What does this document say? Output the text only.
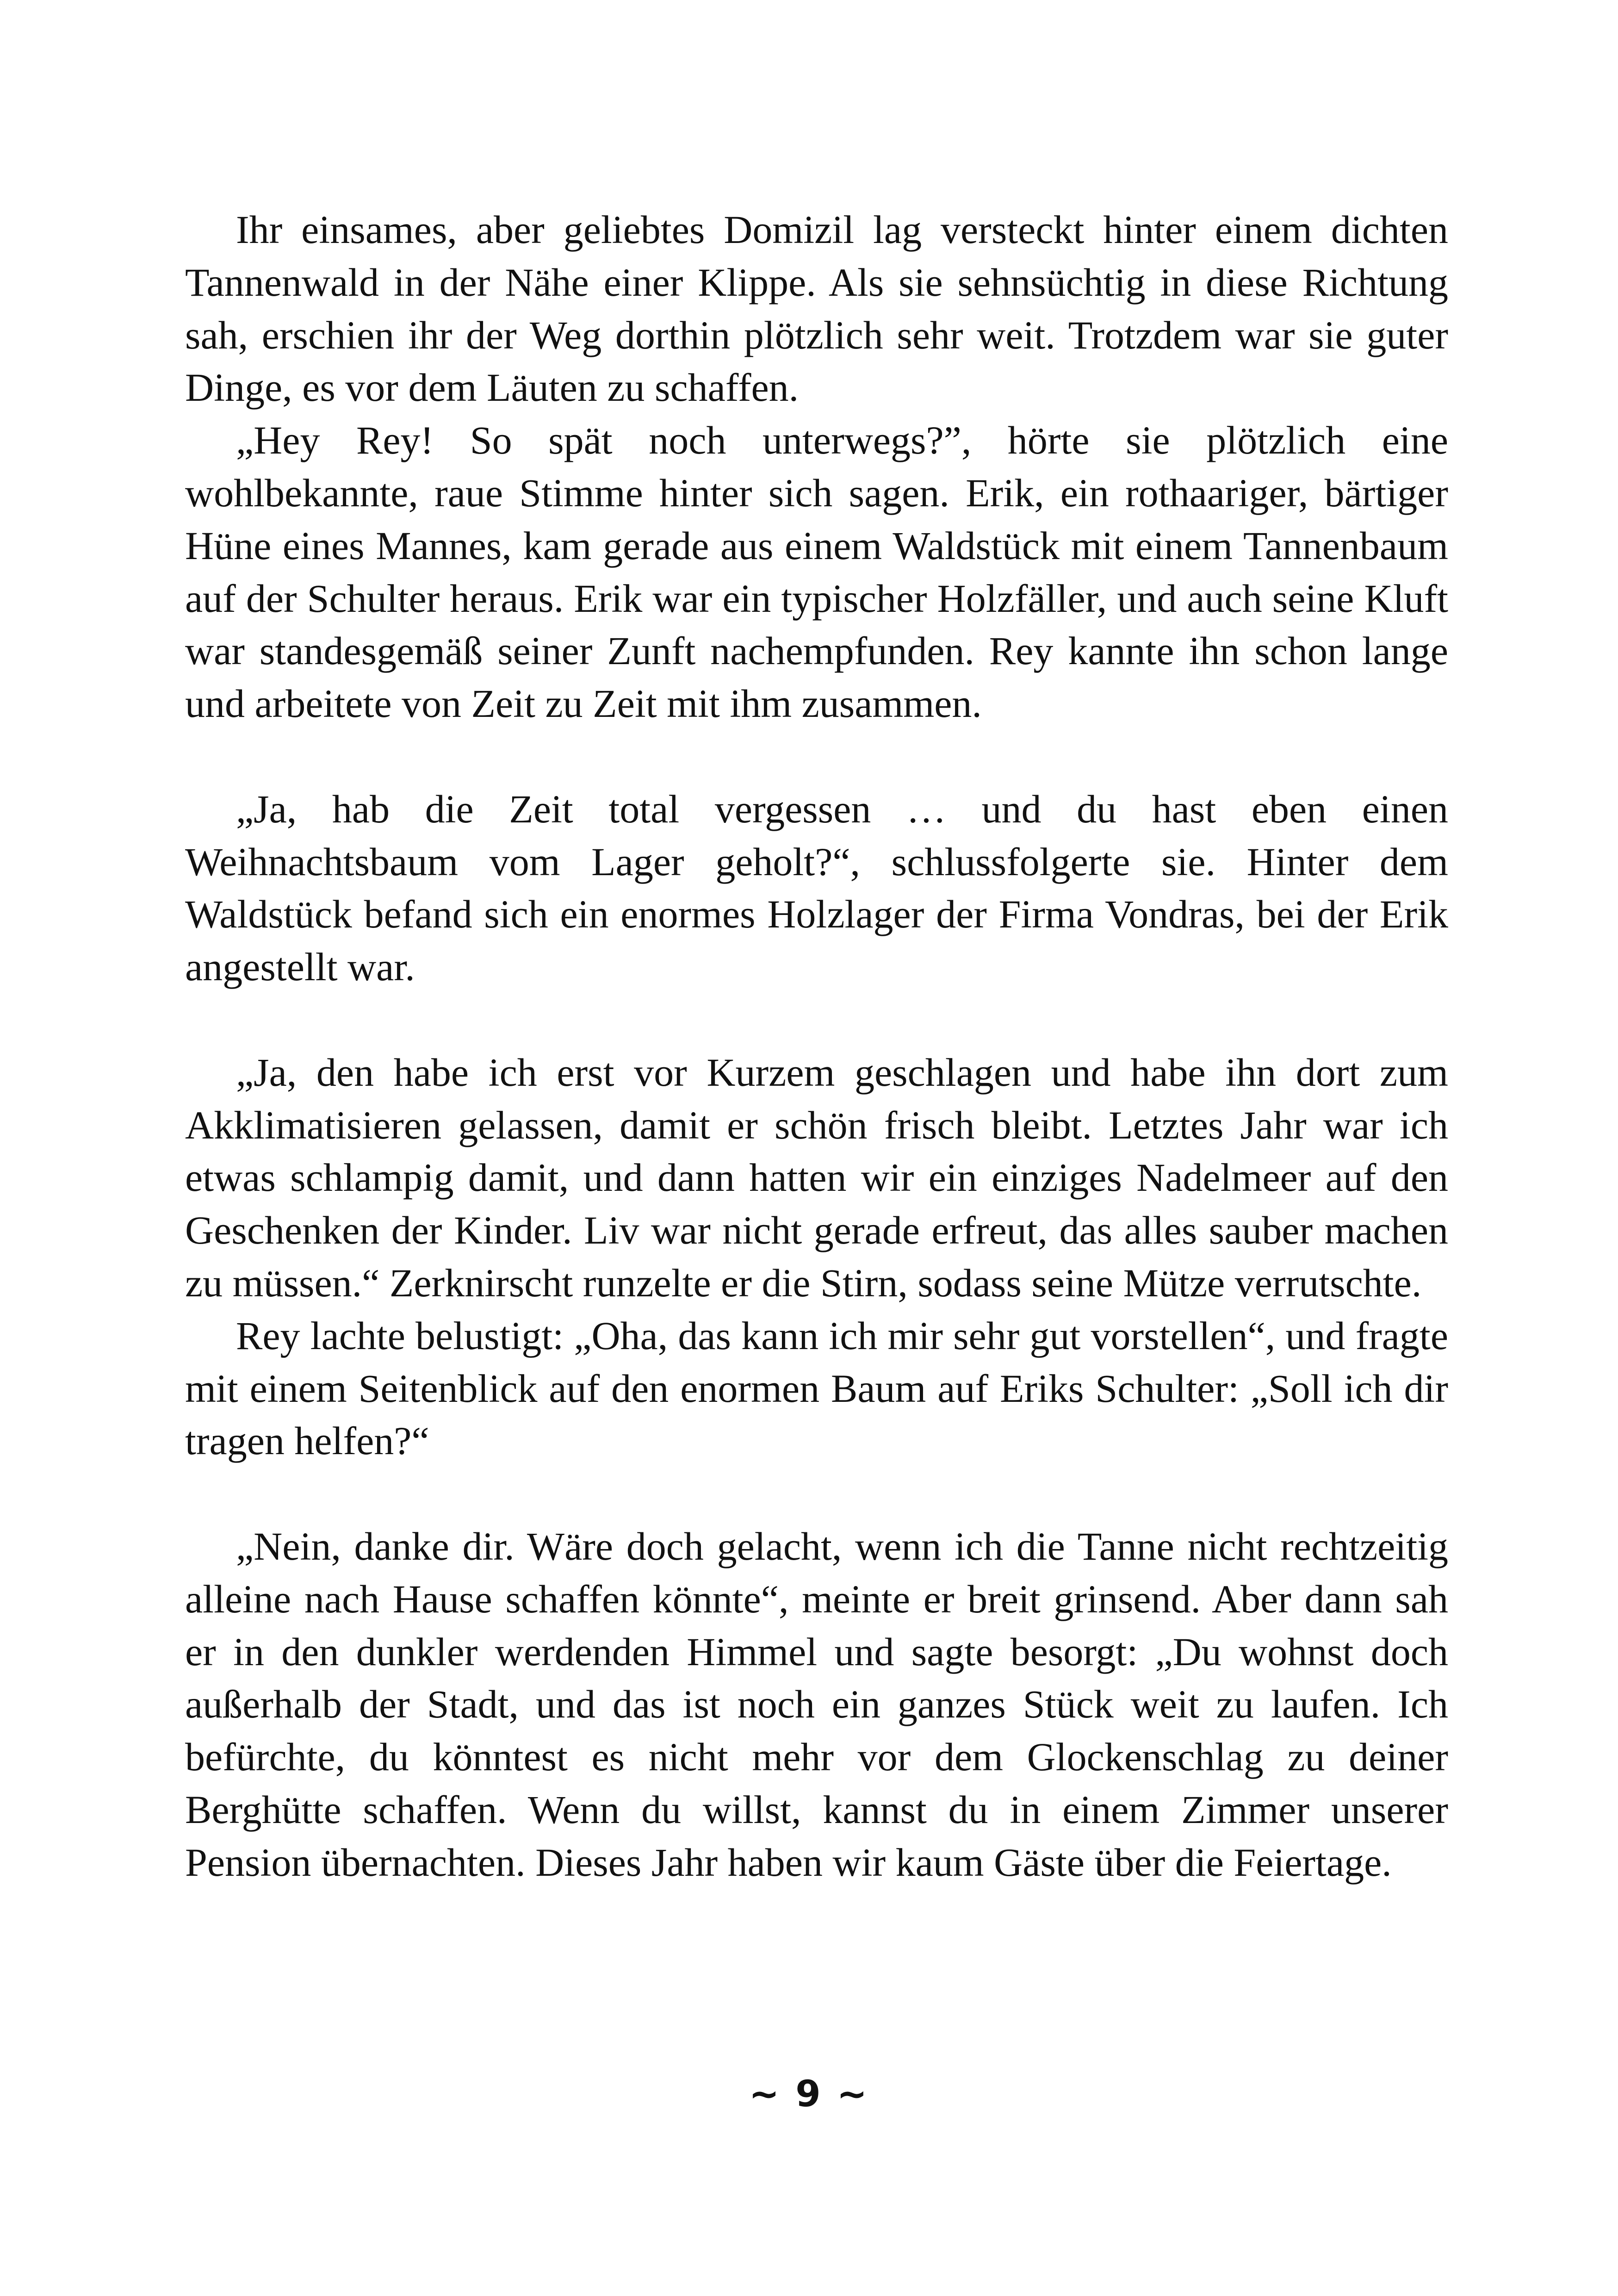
Ihr einsames, aber geliebtes Domizil lag versteckt hinter einem dichten Tannenwald in der Nähe einer Klippe. Als sie sehnsüchtig in diese Richtung sah, erschien ihr der Weg dorthin plötzlich sehr weit. Trotzdem war sie guter Dinge, es vor dem Läuten zu schaffen.

„Hey Rey! So spät noch unterwegs?”, hörte sie plötzlich eine wohlbekannte, raue Stimme hinter sich sagen. Erik, ein rothaariger, bärtiger Hüne eines Mannes, kam gerade aus einem Waldstück mit einem Tannenbaum auf der Schulter heraus. Erik war ein typischer Holzfäller, und auch seine Kluft war standesgemäß seiner Zunft nachempfunden. Rey kannte ihn schon lange und arbeitete von Zeit zu Zeit mit ihm zusammen.

„Ja, hab die Zeit total vergessen … und du hast eben einen Weihnachtsbaum vom Lager geholt?“, schlussfolgerte sie. Hinter dem Waldstück befand sich ein enormes Holzlager der Firma Vondras, bei der Erik angestellt war.

„Ja, den habe ich erst vor Kurzem geschlagen und habe ihn dort zum Akklimatisieren gelassen, damit er schön frisch bleibt. Letztes Jahr war ich etwas schlampig damit, und dann hatten wir ein einziges Nadelmeer auf den Geschenken der Kinder. Liv war nicht gerade erfreut, das alles sauber machen zu müssen.“ Zerknirscht runzelte er die Stirn, sodass seine Mütze verrutschte.

Rey lachte belustigt: „Oha, das kann ich mir sehr gut vorstellen“, und fragte mit einem Seitenblick auf den enormen Baum auf Eriks Schulter: „Soll ich dir tragen helfen?“

„Nein, danke dir. Wäre doch gelacht, wenn ich die Tanne nicht rechtzeitig alleine nach Hause schaffen könnte“, meinte er breit grinsend. Aber dann sah er in den dunkler werdenden Himmel und sagte besorgt: „Du wohnst doch außerhalb der Stadt, und das ist noch ein ganzes Stück weit zu laufen. Ich befürchte, du könntest es nicht mehr vor dem Glockenschlag zu deiner Berghütte schaffen. Wenn du willst, kannst du in einem Zimmer unserer Pension übernachten. Dieses Jahr haben wir kaum Gäste über die Feiertage.

~ 9 ~
